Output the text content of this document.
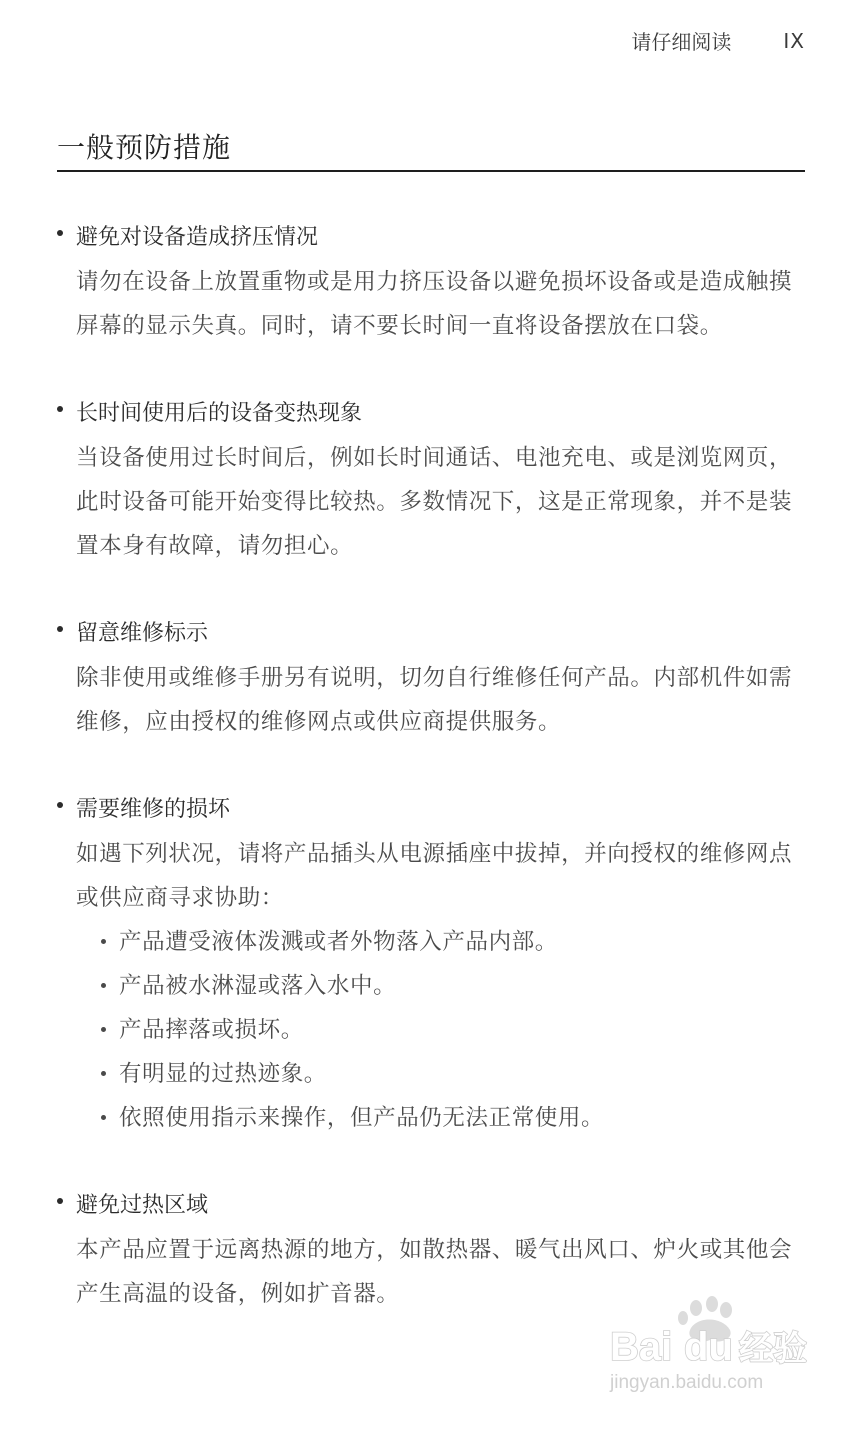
请仔细阅读	IX
一般预防措施
避免对设备造成挤压情况
请勿在设备上放置重物或是用力挤压设备以避免损坏设备或是造成触摸屏幕的显示失真。同时，请不要长时间一直将设备摆放在口袋。
长时间使用后的设备变热现象
当设备使用过长时间后，例如长时间通话、电池充电、或是浏览网页，此时设备可能开始变得比较热。多数情况下，这是正常现象，并不是装置本身有故障，请勿担心。
留意维修标示
除非使用或维修手册另有说明，切勿自行维修任何产品。内部机件如需维修，应由授权的维修网点或供应商提供服务。
需要维修的损坏
如遇下列状况，请将产品插头从电源插座中拔掉，并向授权的维修网点或供应商寻求协助：
产品遭受液体泼溅或者外物落入产品内部。
产品被水淋湿或落入水中。
产品摔落或损坏。
有明显的过热迹象。
依照使用指示来操作，但产品仍无法正常使用。
避免过热区域
本产品应置于远离热源的地方，如散热器、暖气出风口、炉火或其他会产生高温的设备，例如扩音器。
Bai du 经验
jingyan.baidu.com
